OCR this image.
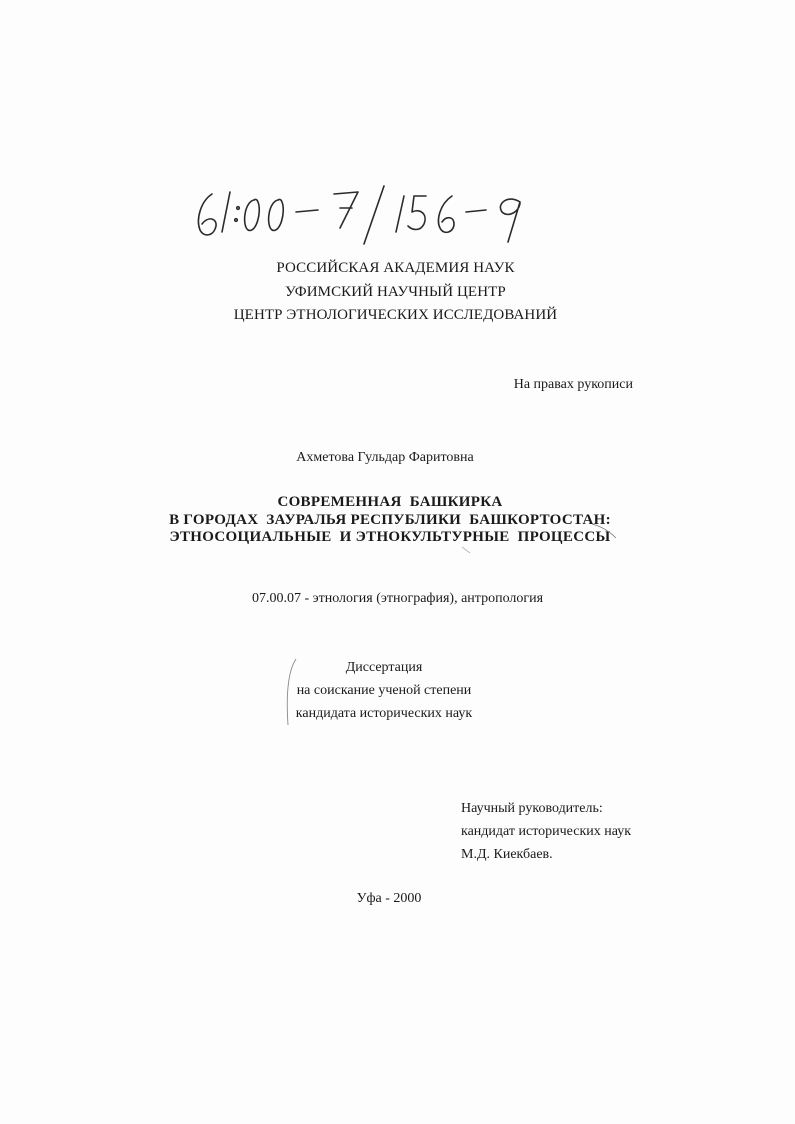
РОССИЙСКАЯ АКАДЕМИЯ НАУК
УФИМСКИЙ НАУЧНЫЙ ЦЕНТР
ЦЕНТР ЭТНОЛОГИЧЕСКИХ ИССЛЕДОВАНИЙ
На правах рукописи
Ахметова Гульдар Фаритовна
СОВРЕМЕННАЯ  БАШКИРКА
В ГОРОДАХ  ЗАУРАЛЬЯ РЕСПУБЛИКИ  БАШКОРТОСТАН:
ЭТНОСОЦИАЛЬНЫЕ  И ЭТНОКУЛЬТУРНЫЕ  ПРОЦЕССЫ
07.00.07 - этнология (этнография), антропология
Диссертация
на соискание ученой степени
кандидата исторических наук
Научный руководитель:
кандидат исторических наук
М.Д. Киекбаев.
Уфа - 2000
